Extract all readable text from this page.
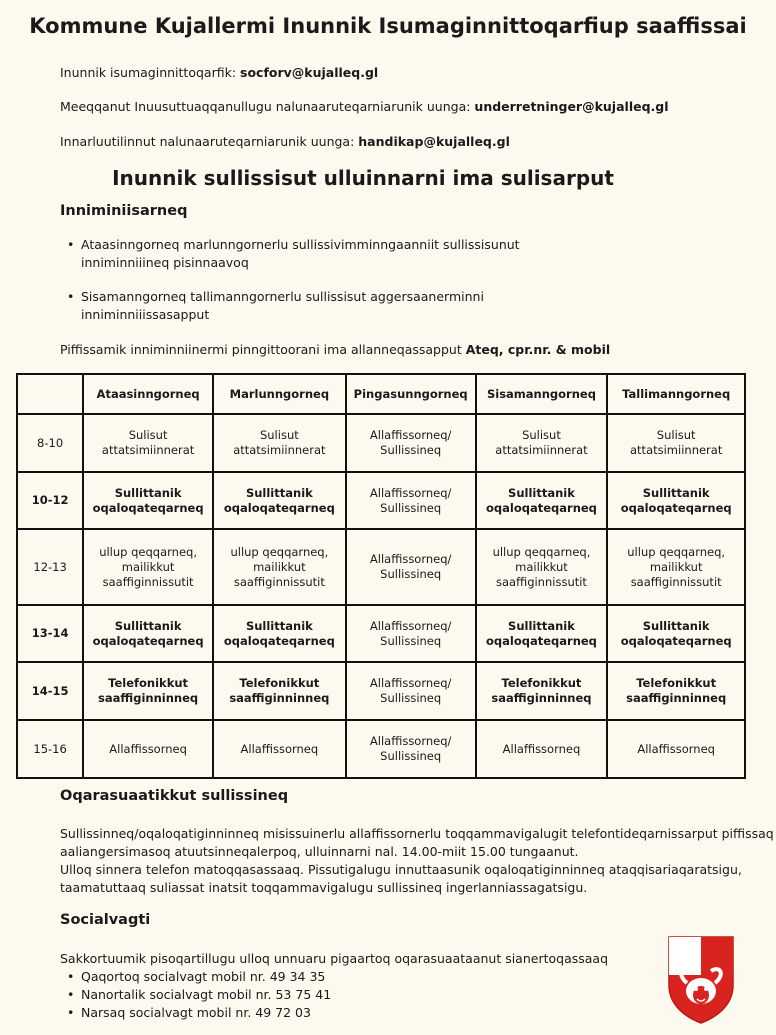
Kommune Kujallermi Inunnik Isumaginnittoqarfiup saaffissai
Inunnik isumaginnittoqarfik: socforv@kujalleq.gl
Meeqqanut Inuusuttuaqqanullugu nalunaaruteqarniarunik uunga: underretninger@kujalleq.gl
Innarluutilinnut nalunaaruteqarniarunik uunga: handikap@kujalleq.gl
Inunnik sullissisut ulluinnarni ima sulisarput
Inniminiisarneq
• Ataasinngorneq marlunngornerlu sullissivimminngaanniit sullissisunut inniminniiineq pisinnaavoq
• Sisamanngorneq tallimanngornerlu sullissisut aggersaanerminni inniminniiissasapput
Piffissamik inniminniinermi pinngittoorani ima allanneqassapput Ateq, cpr.nr. & mobil
	Ataasinngorneq	Marlunngorneq	Pingasunngorneq	Sisamanngorneq	Tallimanngorneq
8-10	Sulisut attatsimiinnerat	Sulisut attatsimiinnerat	Allaffissorneq/ Sullissineq	Sulisut attatsimiinnerat	Sulisut attatsimiinnerat
10-12	Sullittanik oqaloqateqarneq	Sullittanik oqaloqateqarneq	Allaffissorneq/ Sullissineq	Sullittanik oqaloqateqarneq	Sullittanik oqaloqateqarneq
12-13	ullup qeqqarneq, mailikkut saaffiginnissutit	ullup qeqqarneq, mailikkut saaffiginnissutit	Allaffissorneq/ Sullissineq	ullup qeqqarneq, mailikkut saaffiginnissutit	ullup qeqqarneq, mailikkut saaffiginnissutit
13-14	Sullittanik oqaloqateqarneq	Sullittanik oqaloqateqarneq	Allaffissorneq/ Sullissineq	Sullittanik oqaloqateqarneq	Sullittanik oqaloqateqarneq
14-15	Telefonikkut saaffiginninneq	Telefonikkut saaffiginninneq	Allaffissorneq/ Sullissineq	Telefonikkut saaffiginninneq	Telefonikkut saaffiginninneq
15-16	Allaffissorneq	Allaffissorneq	Allaffissorneq/ Sullissineq	Allaffissorneq	Allaffissorneq
Oqarasuaatikkut sullissineq
Sullissinneq/oqaloqatiginninneq misissuinerlu allaffissornerlu toqqammavigalugit telefontideqarnissarput piffissaq
aaliangersimasoq atuutsinneqalerpoq, ulluinnarni nal. 14.00-miit 15.00 tungaanut.
Ulloq sinnera telefon matoqqasassaaq. Pissutigalugu innuttaasunik oqaloqatiginninneq ataqqisariaqaratsigu,
taamatuttaaq suliassat inatsit toqqammavigalugu sullissineq ingerlanniassagatsigu.
Socialvagti
Sakkortuumik pisoqartillugu ulloq unnuaru pigaartoq oqarasuaataanut sianertoqassaaq
• Qaqortoq socialvagt mobil nr. 49 34 35
• Nanortalik socialvagt mobil nr. 53 75 41
• Narsaq socialvagt mobil nr. 49 72 03
